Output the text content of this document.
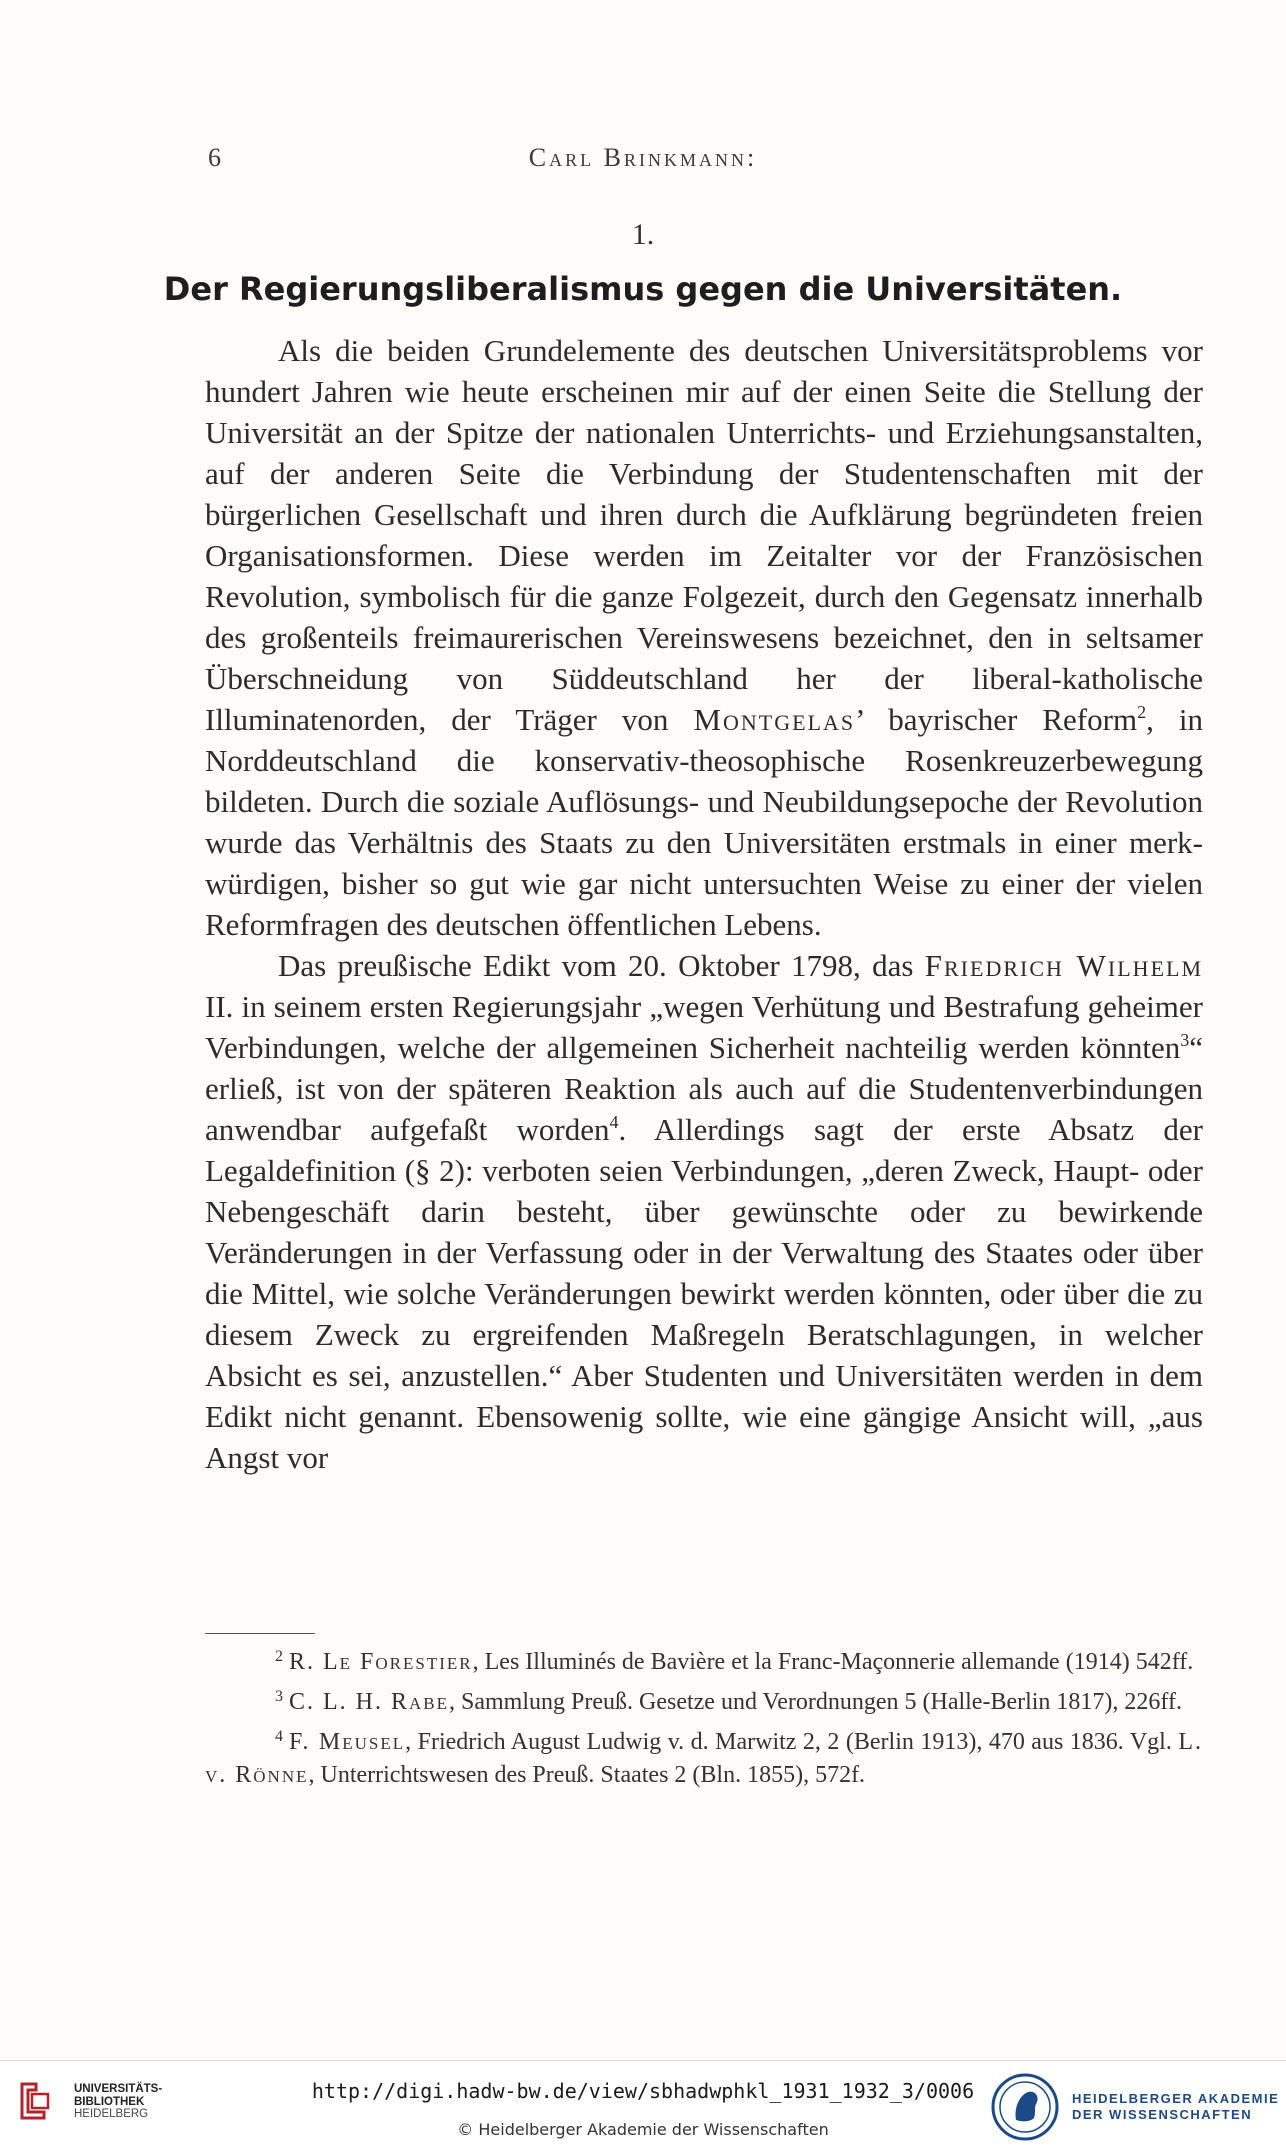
6	Carl Brinkmann:
1.
Der Regierungsliberalismus gegen die Universitäten.

Als die beiden Grundelemente des deutschen Universitätsproblems vor hundert Jahren wie heute erscheinen mir auf der einen Seite die Stellung der Universität an der Spitze der nationalen Unterrichts- und Erziehungsanstalten, auf der anderen Seite die Verbindung der Studentenschaften mit der bürgerlichen Gesellschaft und ihren durch die Aufklärung begründeten freien Organisationsformen. Diese werden im Zeitalter vor der Französischen Revolution, symbolisch für die ganze Folgezeit, durch den Gegensatz innerhalb des großenteils freimaurerischen Vereinswesens bezeichnet, den in seltsamer Überschneidung von Süddeutschland her der liberal-katholische Illuminatenorden, der Träger von Montgelas’ bayrischer Reform$^2$, in Norddeutschland die konservativ-theosophische Rosenkreuzerbewegung bildeten. Durch die soziale Auflösungs- und Neubildungsepoche der Revolution wurde das Verhältnis des Staats zu den Universitäten erstmals in einer merkwürdigen, bisher so gut wie gar nicht untersuchten Weise zu einer der vielen Reformfragen des deutschen öffentlichen Lebens.

Das preußische Edikt vom 20. Oktober 1798, das Friedrich Wilhelm II. in seinem ersten Regierungsjahr „wegen Verhütung und Bestrafung geheimer Verbindungen, welche der allgemeinen Sicherheit nachteilig werden könnten$^3$“ erließ, ist von der späteren Reaktion als auch auf die Studentenverbindungen anwendbar aufgefaßt worden$^4$. Allerdings sagt der erste Absatz der Legaldefinition (§ 2): verboten seien Verbindungen, „deren Zweck, Haupt- oder Nebengeschäft darin besteht, über gewünschte oder zu bewirkende Veränderungen in der Verfassung oder in der Verwaltung des Staates oder über die Mittel, wie solche Veränderungen bewirkt werden könnten, oder über die zu diesem Zweck zu ergreifenden Maßregeln Beratschlagungen, in welcher Absicht es sei, anzustellen.“ Aber Studenten und Universitäten werden in dem Edikt nicht genannt. Ebensowenig sollte, wie eine gängige Ansicht will, „aus Angst vor

$^2$ R. Le Forestier, Les Illuminés de Bavière et la Franc-Maçonnerie allemande (1914) 542ff.

$^3$ C. L. H. Rabe, Sammlung Preuß. Gesetze und Verordnungen 5 (Halle-Berlin 1817), 226ff.

$^4$ F. Meusel, Friedrich August Ludwig v. d. Marwitz 2, 2 (Berlin 1913), 470 aus 1836. Vgl. L. v. Rönne, Unterrichtswesen des Preuß. Staates 2 (Bln. 1855), 572f.

UNIVERSITÄTS-
BIBLIOTHEK
HEIDELBERG
http://digi.hadw-bw.de/view/sbhadwphkl_1931_1932_3/0006
© Heidelberger Akademie der Wissenschaften
HEIDELBERGER AKADEMIE
DER WISSENSCHAFTEN
